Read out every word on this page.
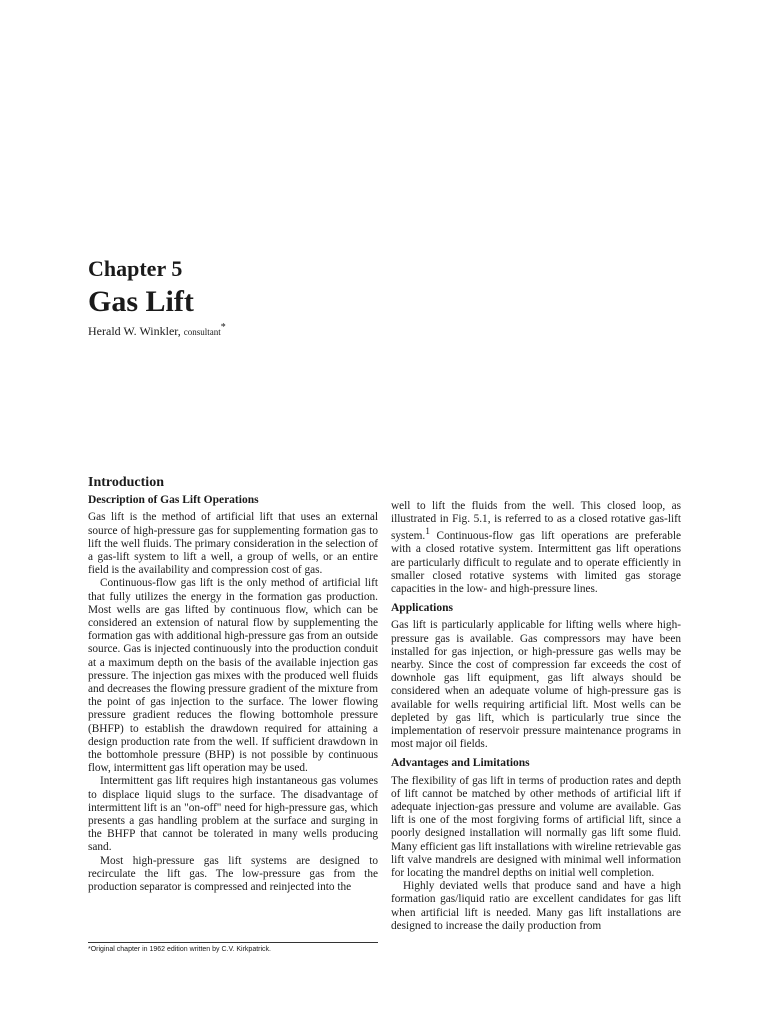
Chapter 5
Gas Lift

Herald W. Winkler, consultant*

Introduction
Description of Gas Lift Operations

Gas lift is the method of artificial lift that uses an external source of high-pressure gas for supplementing formation gas to lift the well fluids. The primary consideration in the selection of a gas-lift system to lift a well, a group of wells, or an entire field is the availability and compression cost of gas.

Continuous-flow gas lift is the only method of artificial lift that fully utilizes the energy in the formation gas production. Most wells are gas lifted by continuous flow, which can be considered an extension of natural flow by supplementing the formation gas with additional high-pressure gas from an outside source. Gas is injected continuously into the production conduit at a maximum depth on the basis of the available injection gas pressure. The injection gas mixes with the produced well fluids and decreases the flowing pressure gradient of the mixture from the point of gas injection to the surface. The lower flowing pressure gradient reduces the flowing bottomhole pressure (BHFP) to establish the drawdown required for attaining a design production rate from the well. If sufficient drawdown in the bottomhole pressure (BHP) is not possible by continuous flow, intermittent gas lift operation may be used.

Intermittent gas lift requires high instantaneous gas volumes to displace liquid slugs to the surface. The disadvantage of intermittent lift is an "on-off" need for high-pressure gas, which presents a gas handling problem at the surface and surging in the BHFP that cannot be tolerated in many wells producing sand.

Most high-pressure gas lift systems are designed to recirculate the lift gas. The low-pressure gas from the production separator is compressed and reinjected into the

well to lift the fluids from the well. This closed loop, as illustrated in Fig. 5.1, is referred to as a closed rotative gas-lift system.$^1$ Continuous-flow gas lift operations are preferable with a closed rotative system. Intermittent gas lift operations are particularly difficult to regulate and to operate efficiently in smaller closed rotative systems with limited gas storage capacities in the low- and high-pressure lines.

Applications

Gas lift is particularly applicable for lifting wells where high-pressure gas is available. Gas compressors may have been installed for gas injection, or high-pressure gas wells may be nearby. Since the cost of compression far exceeds the cost of downhole gas lift equipment, gas lift always should be considered when an adequate volume of high-pressure gas is available for wells requiring artificial lift. Most wells can be depleted by gas lift, which is particularly true since the implementation of reservoir pressure maintenance programs in most major oil fields.

Advantages and Limitations

The flexibility of gas lift in terms of production rates and depth of lift cannot be matched by other methods of artificial lift if adequate injection-gas pressure and volume are available. Gas lift is one of the most forgiving forms of artificial lift, since a poorly designed installation will normally gas lift some fluid. Many efficient gas lift installations with wireline retrievable gas lift valve mandrels are designed with minimal well information for locating the mandrel depths on initial well completion.

Highly deviated wells that produce sand and have a high formation gas/liquid ratio are excellent candidates for gas lift when artificial lift is needed. Many gas lift installations are designed to increase the daily production from

*Original chapter in 1962 edition written by C.V. Kirkpatrick.
